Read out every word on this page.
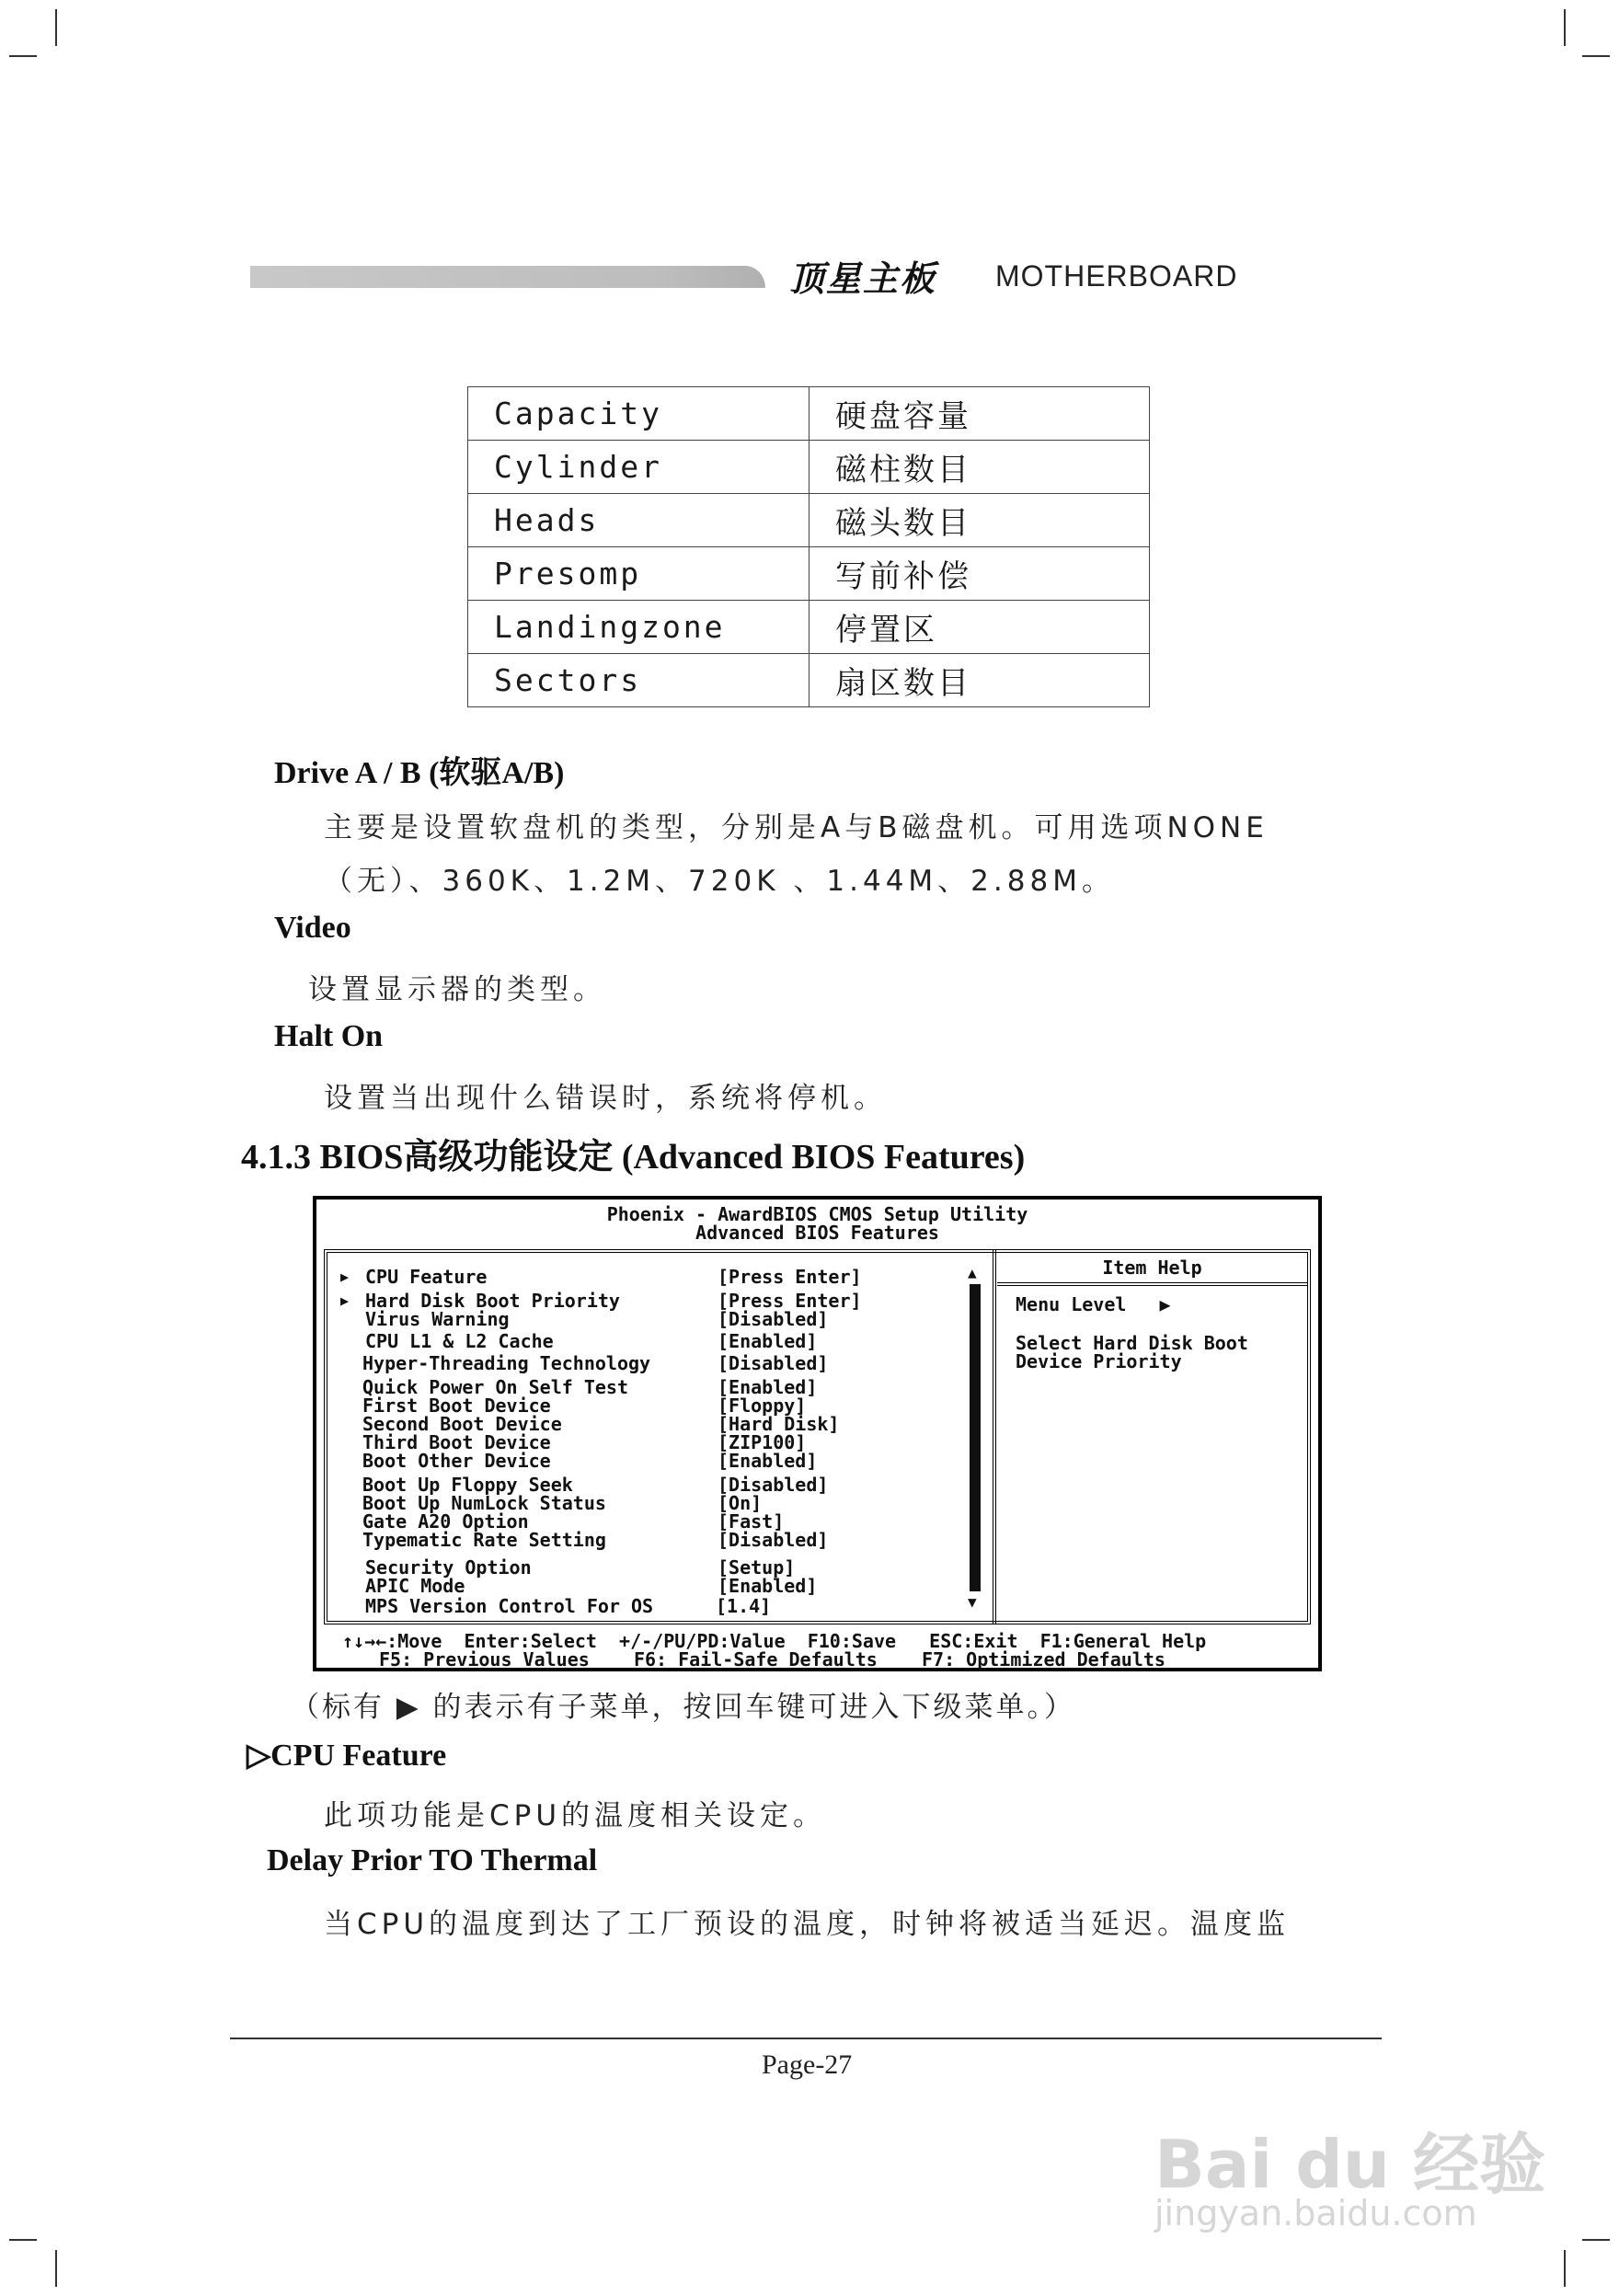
顶星主板 MOTHERBOARD
Capacity	硬盘容量
Cylinder	磁柱数目
Heads	磁头数目
Presomp	写前补偿
Landingzone	停置区
Sectors	扇区数目
Drive A / B (软驱A/B)
主要是设置软盘机的类型，分别是A与B磁盘机。可用选项NONE
（无）、360K、1.2M、720K 、1.44M、2.88M。
Video
设置显示器的类型。
Halt On
设置当出现什么错误时，系统将停机。
4.1.3 BIOS高级功能设定 (Advanced BIOS Features)
Phoenix - AwardBIOS CMOS Setup Utility
Advanced BIOS Features
▶ CPU Feature	[Press Enter]
▶ Hard Disk Boot Priority	[Press Enter]
Virus Warning	[Disabled]
CPU L1 & L2 Cache	[Enabled]
Hyper-Threading Technology	[Disabled]
Quick Power On Self Test	[Enabled]
First Boot Device	[Floppy]
Second Boot Device	[Hard Disk]
Third Boot Device	[ZIP100]
Boot Other Device	[Enabled]
Boot Up Floppy Seek	[Disabled]
Boot Up NumLock Status	[On]
Gate A20 Option	[Fast]
Typematic Rate Setting	[Disabled]
Security Option	[Setup]
APIC Mode	[Enabled]
MPS Version Control For OS	[1.4]
▲
▼
Item Help
Menu Level   ▶
Select Hard Disk Boot
Device Priority
↑↓→←:Move  Enter:Select  +/-/PU/PD:Value  F10:Save   ESC:Exit  F1:General Help
F5: Previous Values    F6: Fail-Safe Defaults    F7: Optimized Defaults
（标有 ▶ 的表示有子菜单，按回车键可进入下级菜单。）
▷CPU Feature
此项功能是CPU的温度相关设定。
Delay Prior TO Thermal
当CPU的温度到达了工厂预设的温度，时钟将被适当延迟。温度监
Page-27
Bai du 经验
jingyan.baidu.com
